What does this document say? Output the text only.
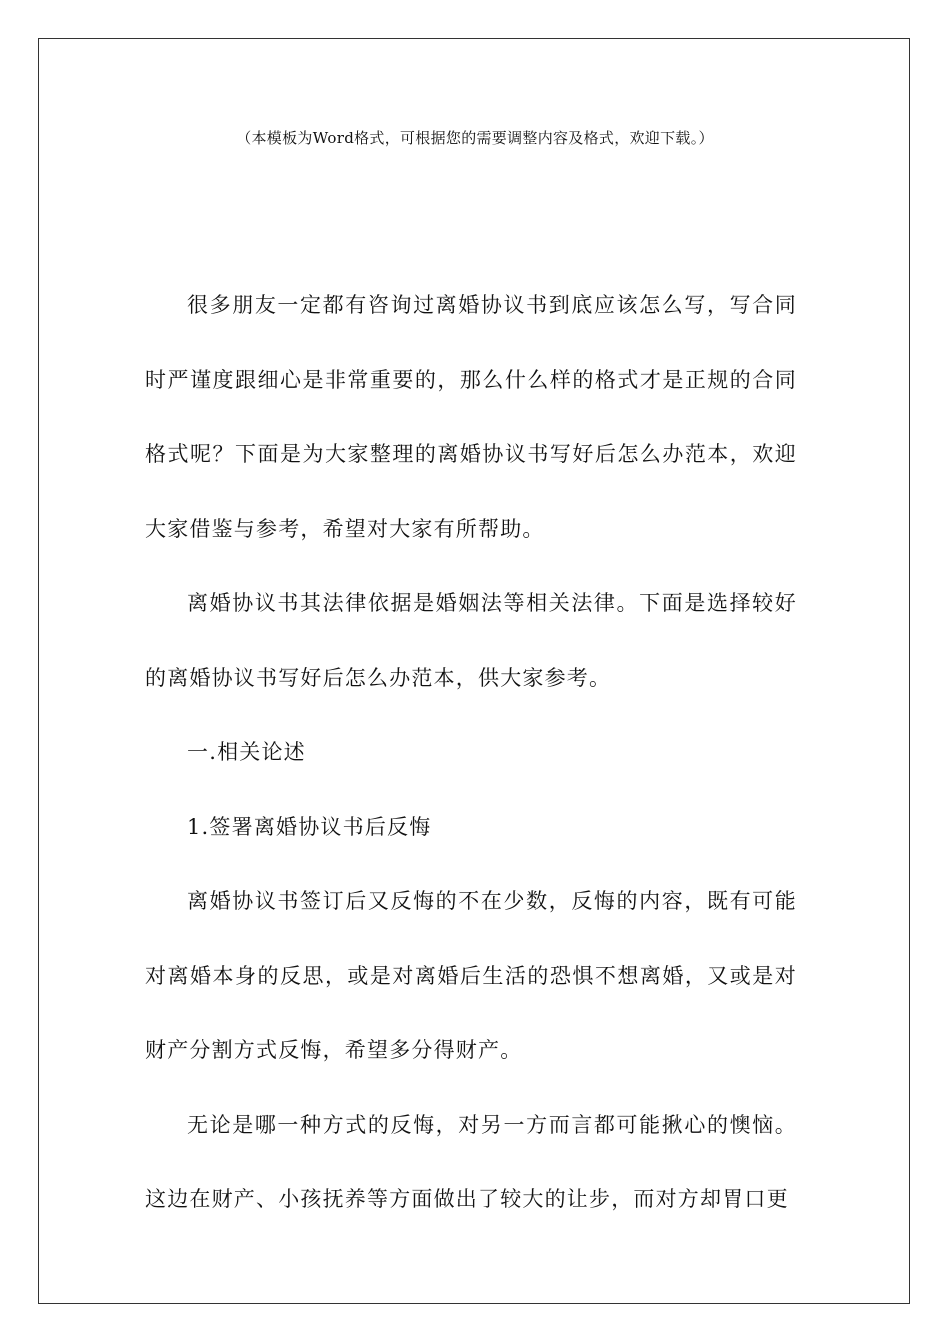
（本模板为Word格式，可根据您的需要调整内容及格式，欢迎下载。）

很多朋友一定都有咨询过离婚协议书到底应该怎么写，写合同时严谨度跟细心是非常重要的，那么什么样的格式才是正规的合同格式呢？下面是为大家整理的离婚协议书写好后怎么办范本，欢迎大家借鉴与参考，希望对大家有所帮助。

离婚协议书其法律依据是婚姻法等相关法律。下面是选择较好的离婚协议书写好后怎么办范本，供大家参考。

一.相关论述

1.签署离婚协议书后反悔

离婚协议书签订后又反悔的不在少数，反悔的内容，既有可能对离婚本身的反思，或是对离婚后生活的恐惧不想离婚，又或是对财产分割方式反悔，希望多分得财产。

无论是哪一种方式的反悔，对另一方而言都可能揪心的懊恼。这边在财产、小孩抚养等方面做出了较大的让步，而对方却胃口更
